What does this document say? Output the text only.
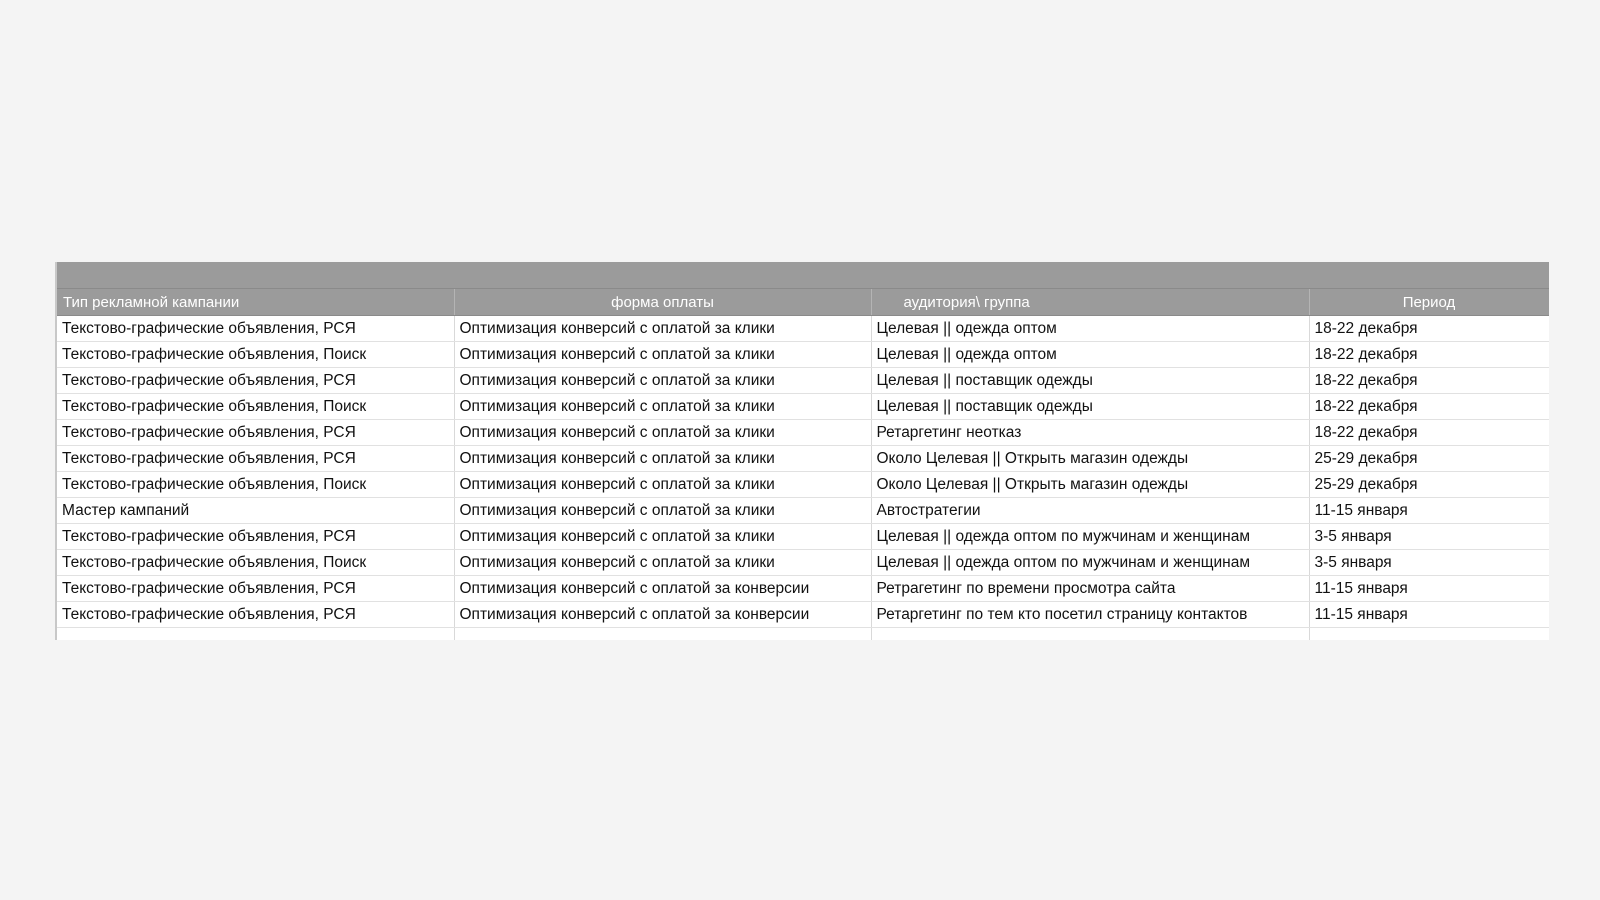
Тип рекламной кампании	форма оплаты	аудитория\ группа	Период
Текстово-графические объявления, РСЯ	Оптимизация конверсий с оплатой за клики	Целевая || одежда оптом	18-22 декабря
Текстово-графические объявления, Поиск	Оптимизация конверсий с оплатой за клики	Целевая || одежда оптом	18-22 декабря
Текстово-графические объявления, РСЯ	Оптимизация конверсий с оплатой за клики	Целевая || поставщик одежды	18-22 декабря
Текстово-графические объявления, Поиск	Оптимизация конверсий с оплатой за клики	Целевая || поставщик одежды	18-22 декабря
Текстово-графические объявления, РСЯ	Оптимизация конверсий с оплатой за клики	Ретаргетинг неотказ	18-22 декабря
Текстово-графические объявления, РСЯ	Оптимизация конверсий с оплатой за клики	Около Целевая || Открыть магазин одежды	25-29 декабря
Текстово-графические объявления, Поиск	Оптимизация конверсий с оплатой за клики	Около Целевая || Открыть магазин одежды	25-29 декабря
Мастер кампаний	Оптимизация конверсий с оплатой за клики	Автостратегии	11-15 января
Текстово-графические объявления, РСЯ	Оптимизация конверсий с оплатой за клики	Целевая || одежда оптом по мужчинам и женщинам	3-5 января
Текстово-графические объявления, Поиск	Оптимизация конверсий с оплатой за клики	Целевая || одежда оптом по мужчинам и женщинам	3-5 января
Текстово-графические объявления, РСЯ	Оптимизация конверсий с оплатой за конверсии	Ретрагетинг по времени просмотра сайта	11-15 января
Текстово-графические объявления, РСЯ	Оптимизация конверсий с оплатой за конверсии	Ретаргетинг по тем кто посетил страницу контактов	11-15 января
